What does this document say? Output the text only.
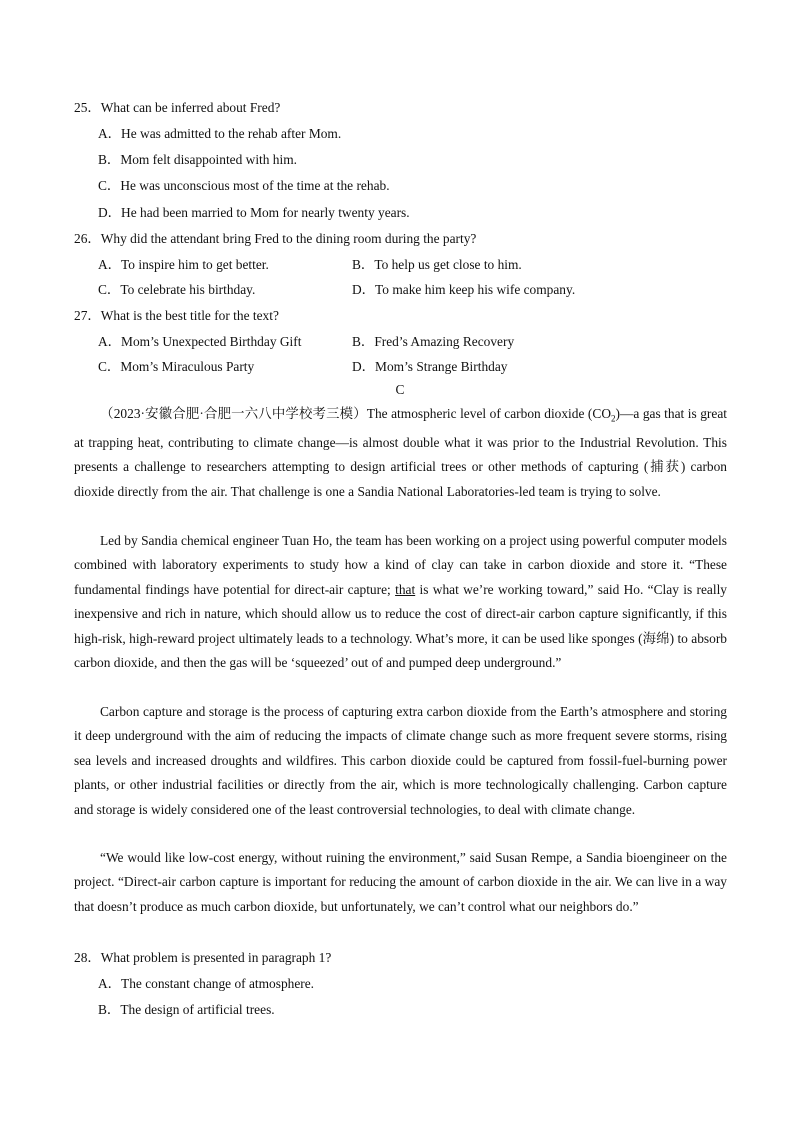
25．What can be inferred about Fred?
A．He was admitted to the rehab after Mom.
B．Mom felt disappointed with him.
C．He was unconscious most of the time at the rehab.
D．He had been married to Mom for nearly twenty years.
26．Why did the attendant bring Fred to the dining room during the party?
A．To inspire him to get better.	B．To help us get close to him.
C．To celebrate his birthday.	D．To make him keep his wife company.
27．What is the best title for the text?
A．Mom’s Unexpected Birthday Gift	B．Fred’s Amazing Recovery
C．Mom’s Miraculous Party	D．Mom’s Strange Birthday
C
（2023·安徽合肥·合肥一六八中学校考三模）The atmospheric level of carbon dioxide $(CO_2)—a$ gas that is great at trapping heat, contributing to climate change—is almost double what it was prior to the Industrial Revolution. This presents a challenge to researchers attempting to design artificial trees or other methods of capturing (捕获) carbon dioxide directly from the air. That challenge is one a Sandia National Laboratories-led team is trying to solve.
Led by Sandia chemical engineer Tuan Ho, the team has been working on a project using powerful computer models combined with laboratory experiments to study how a kind of clay can take in carbon dioxide and store it. “These fundamental findings have potential for direct-air capture; that is what we’re working toward,” said Ho. “Clay is really inexpensive and rich in nature, which should allow us to reduce the cost of direct-air carbon capture significantly, if this high-risk, high-reward project ultimately leads to a technology. What’s more, it can be used like sponges (海绵) to absorb carbon dioxide, and then the gas will be ‘squeezed’ out of and pumped deep underground.”
Carbon capture and storage is the process of capturing extra carbon dioxide from the Earth’s atmosphere and storing it deep underground with the aim of reducing the impacts of climate change such as more frequent severe storms, rising sea levels and increased droughts and wildfires. This carbon dioxide could be captured from fossil-fuel-burning power plants, or other industrial facilities or directly from the air, which is more technologically challenging. Carbon capture and storage is widely considered one of the least controversial technologies, to deal with climate change.
“We would like low-cost energy, without ruining the environment,” said Susan Rempe, a Sandia bioengineer on the project. “Direct-air carbon capture is important for reducing the amount of carbon dioxide in the air. We can live in a way that doesn’t produce as much carbon dioxide, but unfortunately, we can’t control what our neighbors do.”
28．What problem is presented in paragraph 1?
A．The constant change of atmosphere.
B．The design of artificial trees.
